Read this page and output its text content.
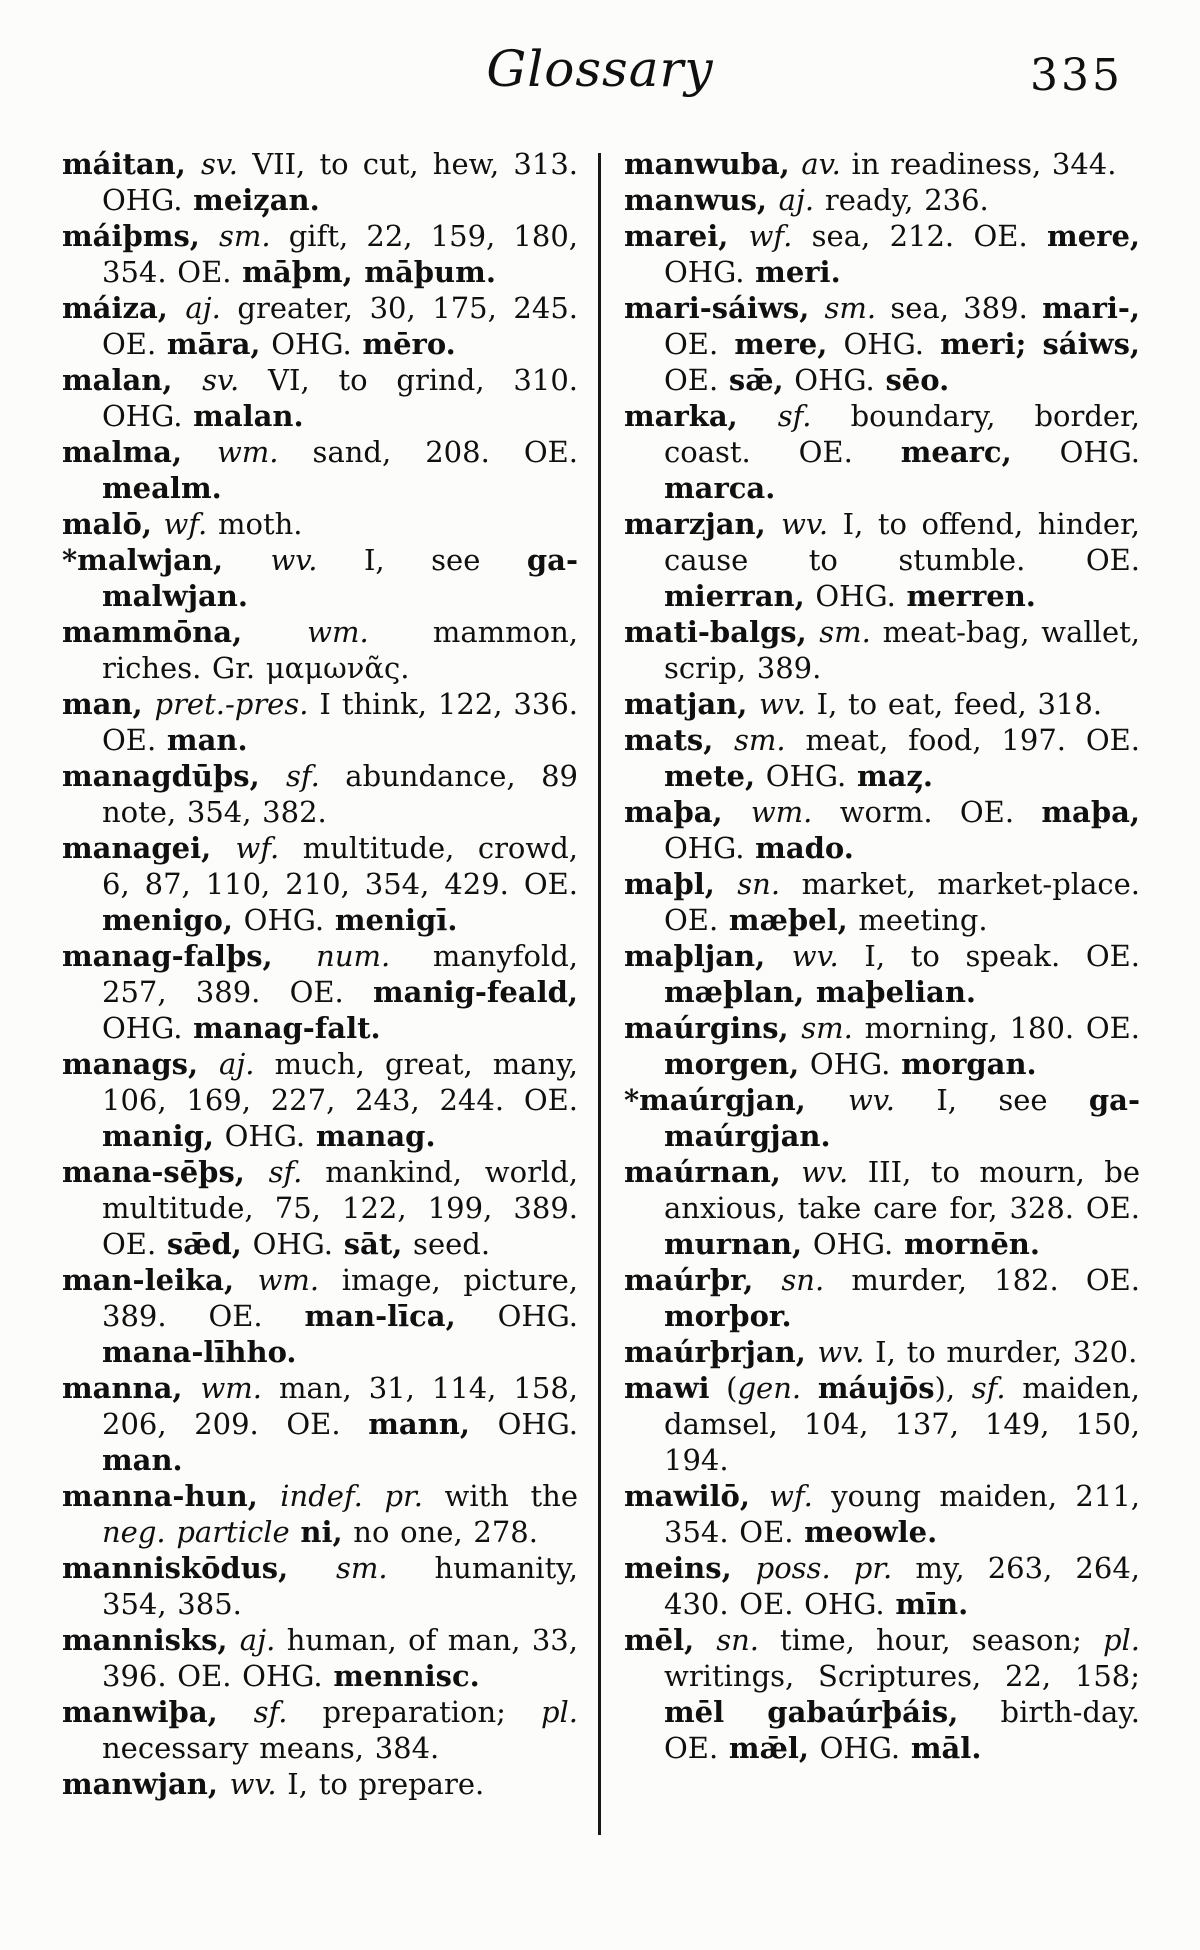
Glossary	335

máitan, sv. VII, to cut, hew, 313. OHG. meiȥan.

máiþms, sm. gift, 22, 159, 180, 354. OE. māþm, māþum.

máiza, aj. greater, 30, 175, 245. OE. māra, OHG. mēro.

malan, sv. VI, to grind, 310. OHG. malan.

malma, wm. sand, 208. OE. mealm.

malō, wf. moth.

*malwjan, wv. I, see ga-malwjan.

mammōna, wm. mammon, riches. Gr. μαμωνᾶς.

man, pret.-pres. I think, 122, 336. OE. man.

managdūþs, sf. abundance, 89 note, 354, 382.

managei, wf. multitude, crowd, 6, 87, 110, 210, 354, 429. OE. menigo, OHG. menigī.

manag-falþs, num. manyfold, 257, 389. OE. manig-feald, OHG. manag-falt.

manags, aj. much, great, many, 106, 169, 227, 243, 244. OE. manig, OHG. manag.

mana-sēþs, sf. mankind, world, multitude, 75, 122, 199, 389. OE. sǣd, OHG. sāt, seed.

man-leika, wm. image, picture, 389. OE. man-līca, OHG. mana-līhho.

manna, wm. man, 31, 114, 158, 206, 209. OE. mann, OHG. man.

manna-hun, indef. pr. with the neg. particle ni, no one, 278.

manniskōdus, sm. humanity, 354, 385.

mannisks, aj. human, of man, 33, 396. OE. OHG. mennisc.

manwiþa, sf. preparation; pl. necessary means, 384.

manwjan, wv. I, to prepare.

manwuba, av. in readiness, 344.

manwus, aj. ready, 236.

marei, wf. sea, 212. OE. mere, OHG. meri.

mari-sáiws, sm. sea, 389. mari-, OE. mere, OHG. meri; sáiws, OE. sǣ, OHG. sēo.

marka, sf. boundary, border, coast. OE. mearc, OHG. marca.

marzjan, wv. I, to offend, hinder, cause to stumble. OE. mierran, OHG. merren.

mati-balgs, sm. meat-bag, wallet, scrip, 389.

matjan, wv. I, to eat, feed, 318.

mats, sm. meat, food, 197. OE. mete, OHG. maȥ.

maþa, wm. worm. OE. maþa, OHG. mado.

maþl, sn. market, market-place. OE. mæþel, meeting.

maþljan, wv. I, to speak. OE. mæþlan, maþelian.

maúrgins, sm. morning, 180. OE. morgen, OHG. morgan.

*maúrgjan, wv. I, see ga-maúrgjan.

maúrnan, wv. III, to mourn, be anxious, take care for, 328. OE. murnan, OHG. mornēn.

maúrþr, sn. murder, 182. OE. morþor.

maúrþrjan, wv. I, to murder, 320.

mawi (gen. máujōs), sf. maiden, damsel, 104, 137, 149, 150, 194.

mawilō, wf. young maiden, 211, 354. OE. meowle.

meins, poss. pr. my, 263, 264, 430. OE. OHG. mīn.

mēl, sn. time, hour, season; pl. writings, Scriptures, 22, 158; mēl gabaúrþáis, birth-day. OE. mǣl, OHG. māl.
